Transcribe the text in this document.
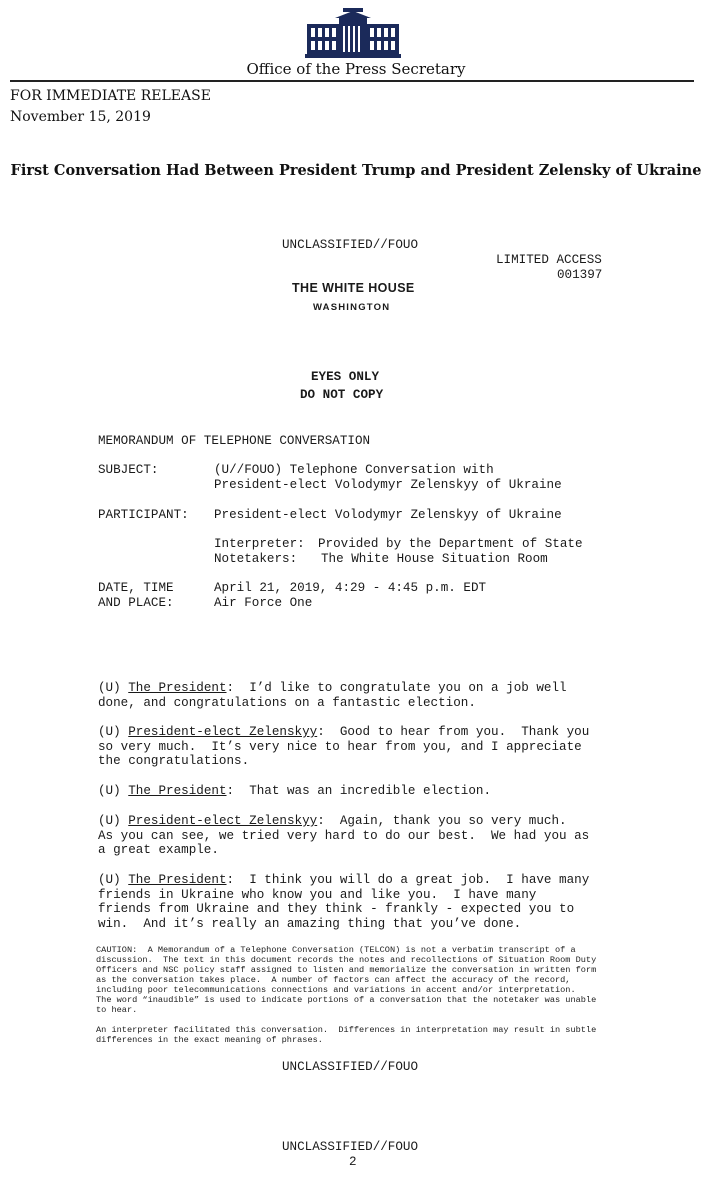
Office of the Press Secretary
FOR IMMEDIATE RELEASE
November 15, 2019
First Conversation Had Between President Trump and President Zelensky of Ukraine
UNCLASSIFIED//FOUO
LIMITED ACCESS
001397
THE WHITE HOUSE
WASHINGTON
EYES ONLY
DO NOT COPY
MEMORANDUM OF TELEPHONE CONVERSATION
SUBJECT:	(U//FOUO) Telephone Conversation with
President-elect Volodymyr Zelenskyy of Ukraine
PARTICIPANT: President-elect Volodymyr Zelenskyy of Ukraine
Interpreter: Provided by the Department of State
Notetakers: The White House Situation Room
DATE, TIME
AND PLACE:
April 21, 2019, 4:29 - 4:45 p.m. EDT
Air Force One
(U) The President:  I’d like to congratulate you on a job well
done, and congratulations on a fantastic election.
(U) President-elect Zelenskyy:  Good to hear from you.  Thank you
so very much.  It’s very nice to hear from you, and I appreciate
the congratulations.
(U) The President:  That was an incredible election.
(U) President-elect Zelenskyy:  Again, thank you so very much.
As you can see, we tried very hard to do our best.  We had you as
a great example.
(U) The President:  I think you will do a great job.  I have many
friends in Ukraine who know you and like you.  I have many
friends from Ukraine and they think - frankly - expected you to
win.  And it’s really an amazing thing that you’ve done.
CAUTION:  A Memorandum of a Telephone Conversation (TELCON) is not a verbatim transcript of a
discussion.  The text in this document records the notes and recollections of Situation Room Duty
Officers and NSC policy staff assigned to listen and memorialize the conversation in written form
as the conversation takes place.  A number of factors can affect the accuracy of the record,
including poor telecommunications connections and variations in accent and/or interpretation.
The word “inaudible” is used to indicate portions of a conversation that the notetaker was unable
to hear.
An interpreter facilitated this conversation.  Differences in interpretation may result in subtle
differences in the exact meaning of phrases.
UNCLASSIFIED//FOUO
UNCLASSIFIED//FOUO
2
